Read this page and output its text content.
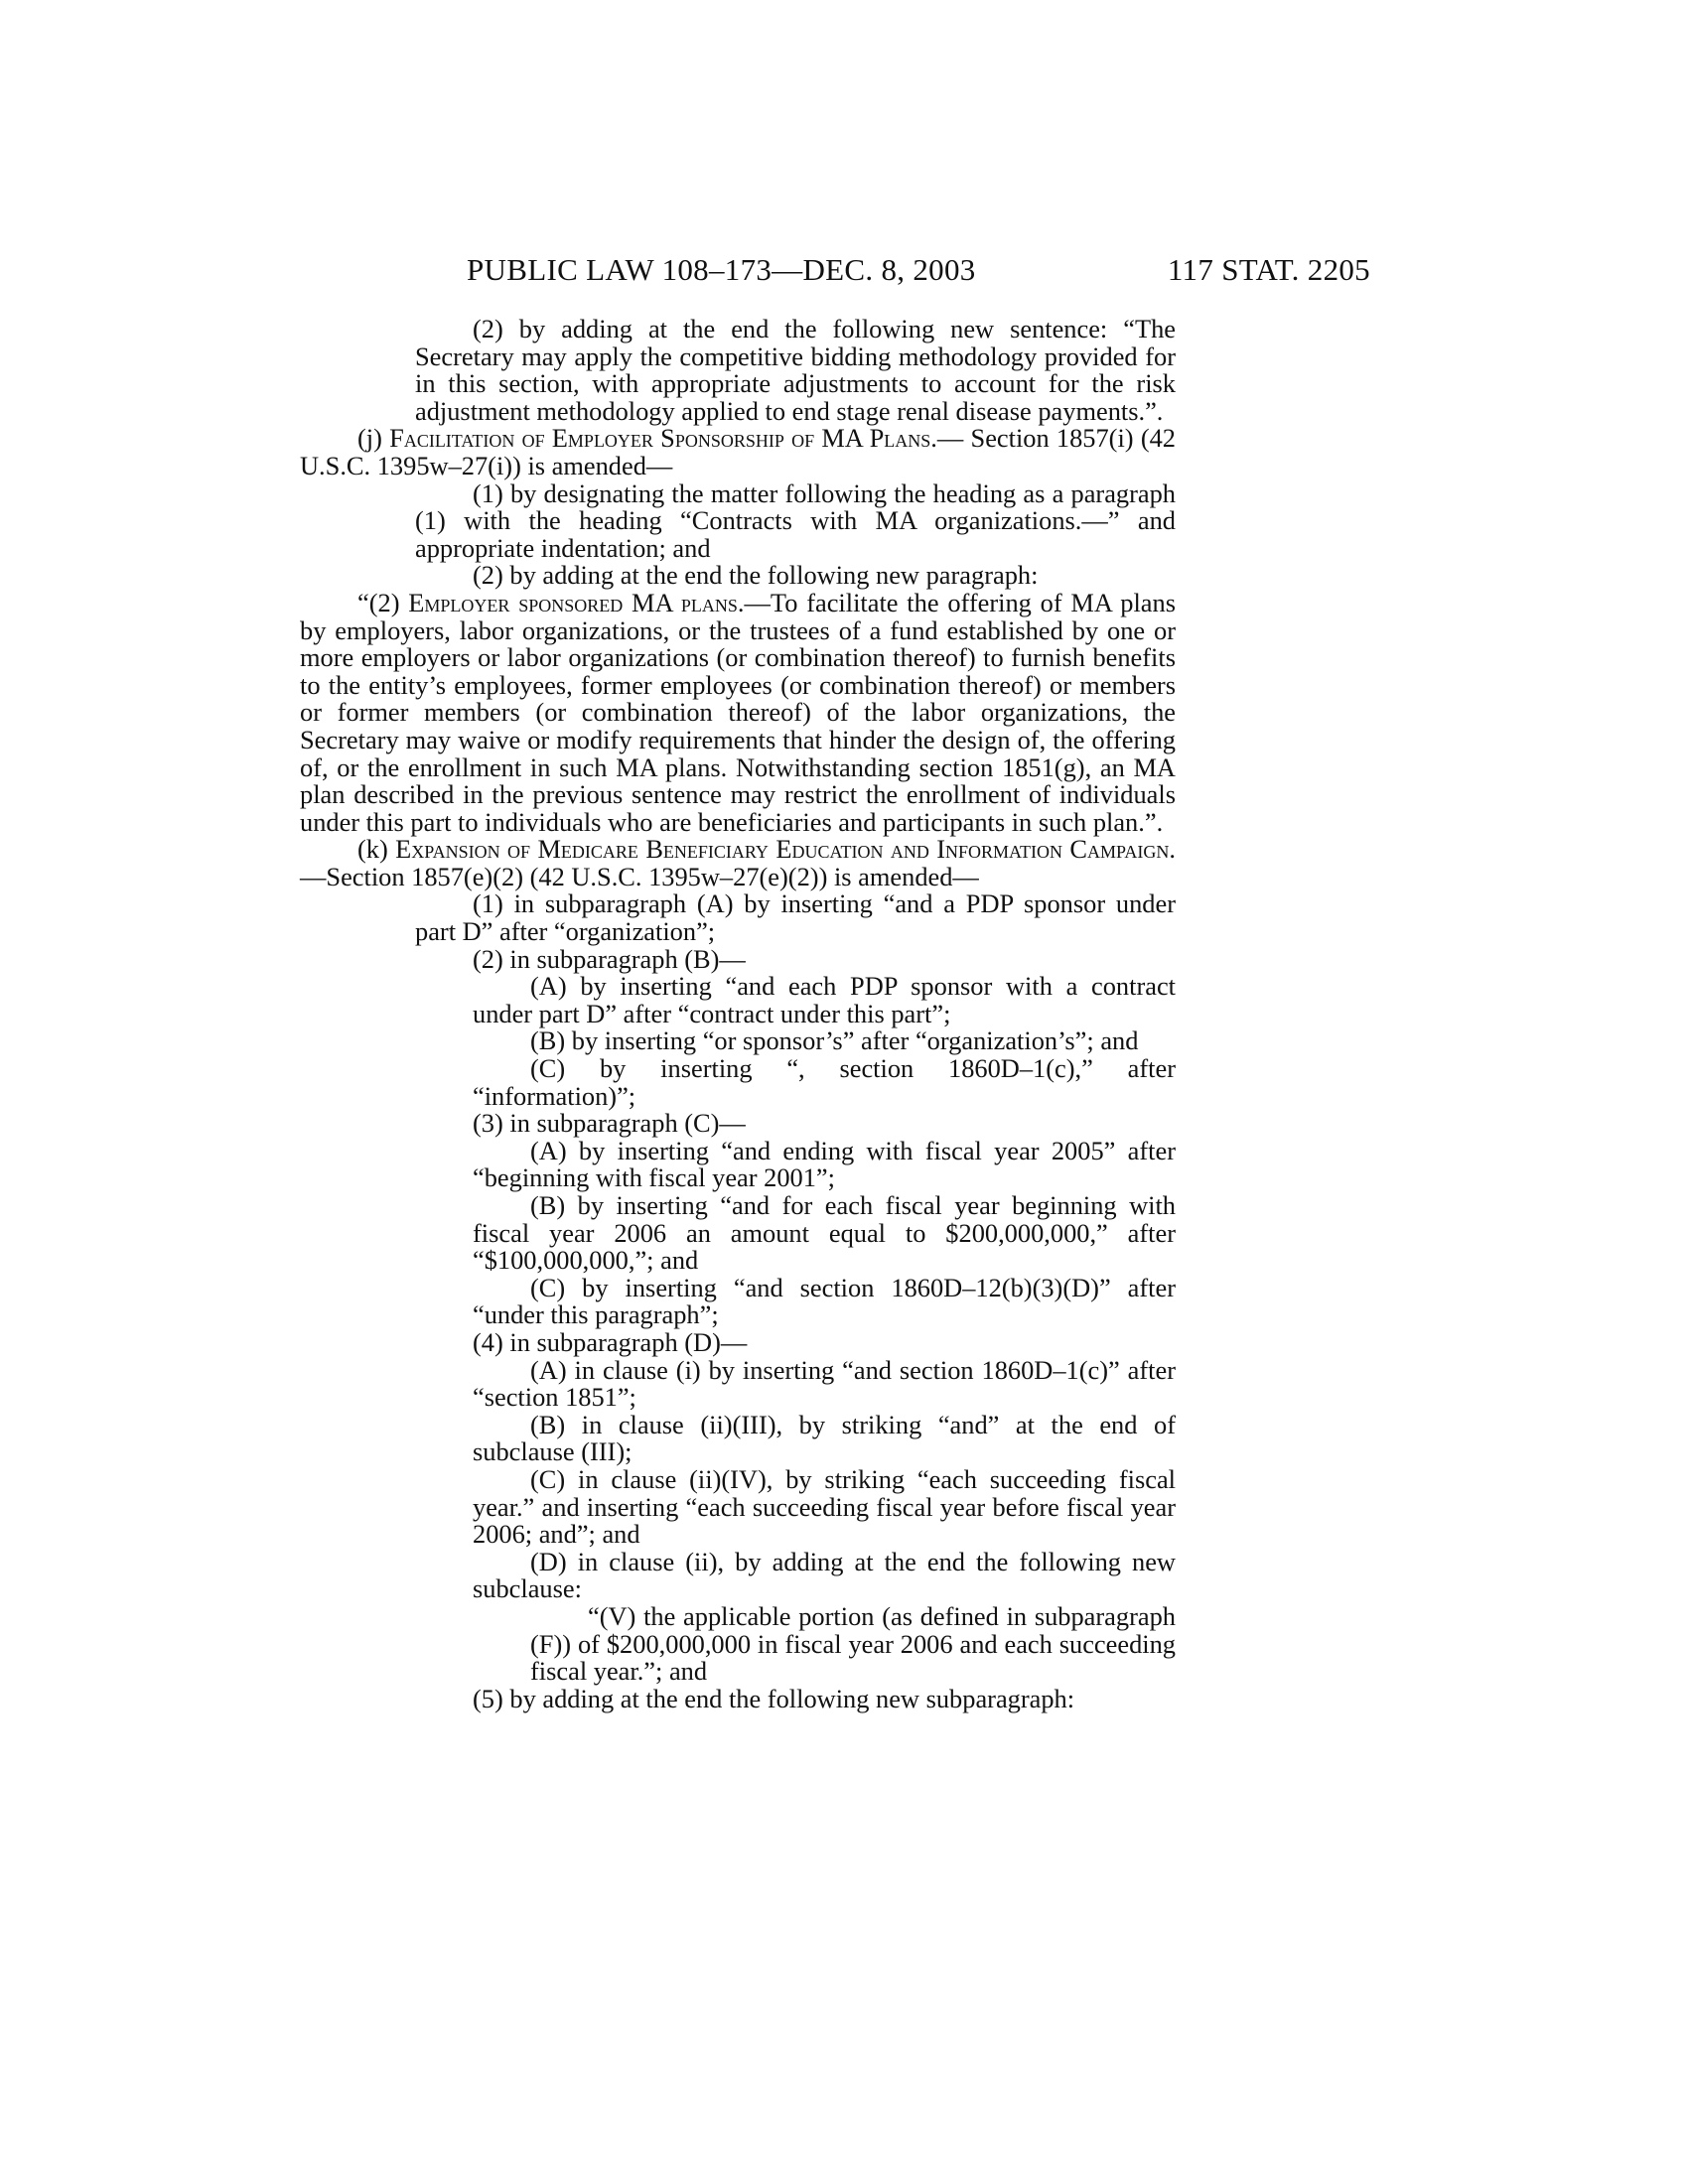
PUBLIC LAW 108–173—DEC. 8, 2003	117 STAT. 2205

(2) by adding at the end the following new sentence: “The Secretary may apply the competitive bidding methodology provided for in this section, with appropriate adjustments to account for the risk adjustment methodology applied to end stage renal disease payments.”.

(j) Facilitation of Employer Sponsorship of MA Plans.— Section 1857(i) (42 U.S.C. 1395w–27(i)) is amended—

(1) by designating the matter following the heading as a paragraph (1) with the heading “Contracts with MA organizations.—” and appropriate indentation; and

(2) by adding at the end the following new paragraph:

“(2) Employer sponsored MA plans.—To facilitate the offering of MA plans by employers, labor organizations, or the trustees of a fund established by one or more employers or labor organizations (or combination thereof) to furnish benefits to the entity’s employees, former employees (or combination thereof) or members or former members (or combination thereof) of the labor organizations, the Secretary may waive or modify requirements that hinder the design of, the offering of, or the enrollment in such MA plans. Notwithstanding section 1851(g), an MA plan described in the previous sentence may restrict the enrollment of individuals under this part to individuals who are beneficiaries and participants in such plan.”.

(k) Expansion of Medicare Beneficiary Education and Information Campaign.—Section 1857(e)(2) (42 U.S.C. 1395w–27(e)(2)) is amended—

(1) in subparagraph (A) by inserting “and a PDP sponsor under part D” after “organization”;

(2) in subparagraph (B)—

(A) by inserting “and each PDP sponsor with a contract under part D” after “contract under this part”;

(B) by inserting “or sponsor’s” after “organization’s”; and

(C) by inserting “, section 1860D–1(c),” after “information)”;

(3) in subparagraph (C)—

(A) by inserting “and ending with fiscal year 2005” after “beginning with fiscal year 2001”;

(B) by inserting “and for each fiscal year beginning with fiscal year 2006 an amount equal to $200,000,000,” after “$100,000,000,”; and

(C) by inserting “and section 1860D–12(b)(3)(D)” after “under this paragraph”;

(4) in subparagraph (D)—

(A) in clause (i) by inserting “and section 1860D–1(c)” after “section 1851”;

(B) in clause (ii)(III), by striking “and” at the end of subclause (III);

(C) in clause (ii)(IV), by striking “each succeeding fiscal year.” and inserting “each succeeding fiscal year before fiscal year 2006; and”; and

(D) in clause (ii), by adding at the end the following new subclause:

“(V) the applicable portion (as defined in subparagraph (F)) of $200,000,000 in fiscal year 2006 and each succeeding fiscal year.”; and

(5) by adding at the end the following new subparagraph:
